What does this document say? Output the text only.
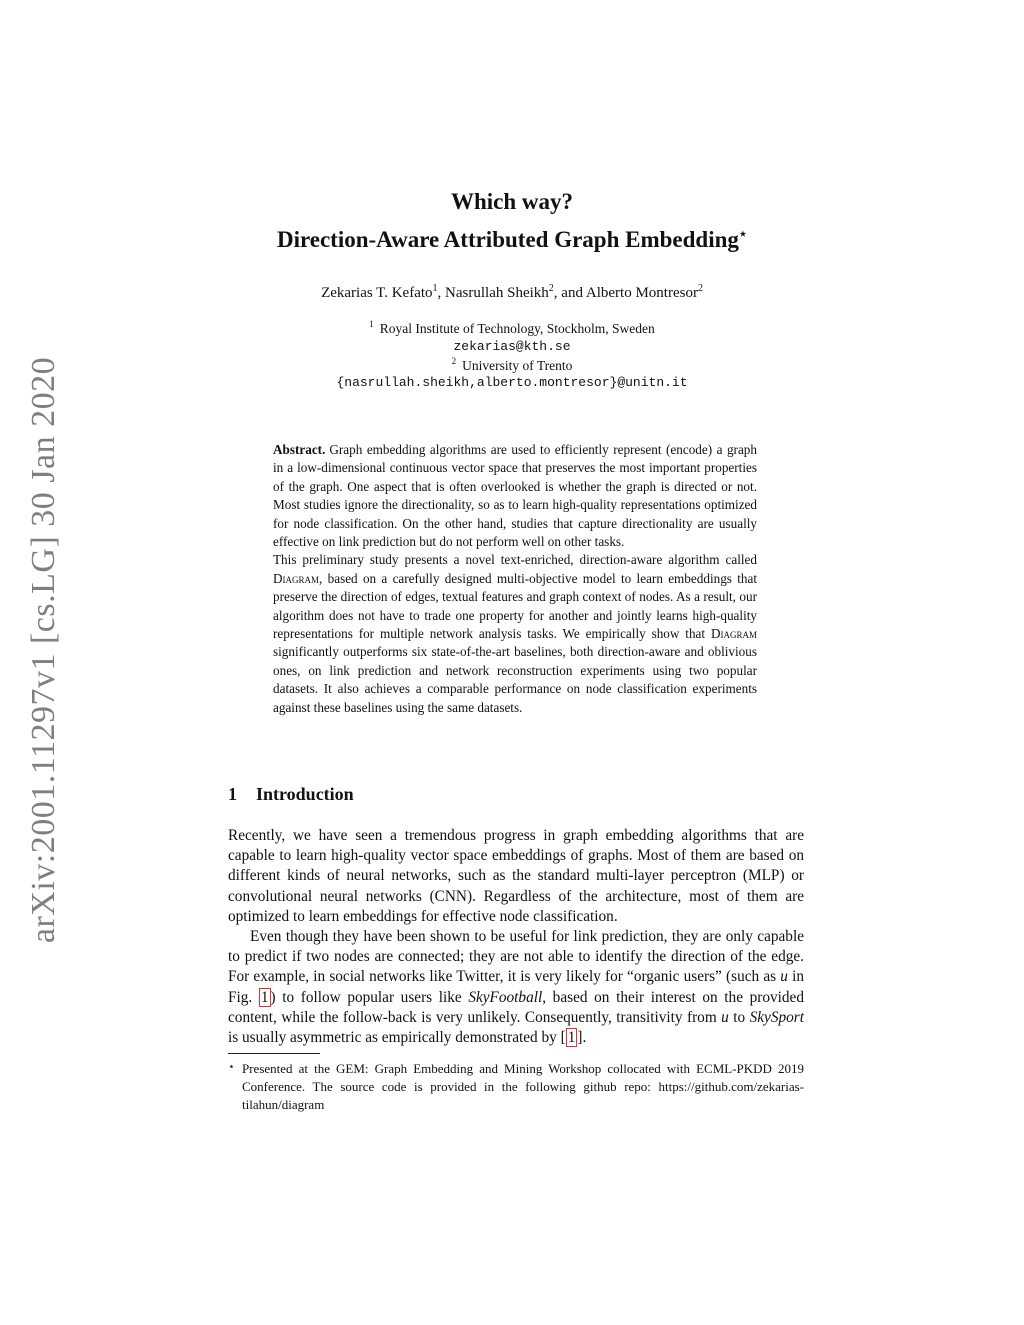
arXiv:2001.11297v1 [cs.LG] 30 Jan 2020
Which way?
Direction-Aware Attributed Graph Embedding⋆
Zekarias T. Kefato$^1$, Nasrullah Sheikh$^2$, and Alberto Montresor$^2$
$^1$ Royal Institute of Technology, Stockholm, Sweden
zekarias@kth.se
$^2$ University of Trento
{nasrullah.sheikh,alberto.montresor}@unitn.it

Abstract. Graph embedding algorithms are used to efficiently represent (encode) a graph in a low-dimensional continuous vector space that preserves the most important properties of the graph. One aspect that is often overlooked is whether the graph is directed or not. Most studies ignore the directionality, so as to learn high-quality representations optimized for node classification. On the other hand, studies that capture directionality are usually effective on link prediction but do not perform well on other tasks.

This preliminary study presents a novel text-enriched, direction-aware algorithm called Diagram, based on a carefully designed multi-objective model to learn embeddings that preserve the direction of edges, textual features and graph context of nodes. As a result, our algorithm does not have to trade one property for another and jointly learns high-quality representations for multiple network analysis tasks. We empirically show that Diagram significantly outperforms six state-of-the-art baselines, both direction-aware and oblivious ones, on link prediction and network reconstruction experiments using two popular datasets. It also achieves a comparable performance on node classification experiments against these baselines using the same datasets.

1 Introduction

Recently, we have seen a tremendous progress in graph embedding algorithms that are capable to learn high-quality vector space embeddings of graphs. Most of them are based on different kinds of neural networks, such as the standard multi-layer perceptron (MLP) or convolutional neural networks (CNN). Regardless of the architecture, most of them are optimized to learn embeddings for effective node classification.

Even though they have been shown to be useful for link prediction, they are only capable to predict if two nodes are connected; they are not able to identify the direction of the edge. For example, in social networks like Twitter, it is very likely for “organic users” (such as u in Fig. 1 ) to follow popular users like SkyFootball, based on their interest on the provided content, while the follow-back is very unlikely. Consequently, transitivity from u to SkySport is usually asymmetric as empirically demonstrated by [ 1 ].

⋆ Presented at the GEM: Graph Embedding and Mining Workshop collocated with ECML-PKDD 2019 Conference. The source code is provided in the following github repo: https://github.com/zekarias-tilahun/diagram
